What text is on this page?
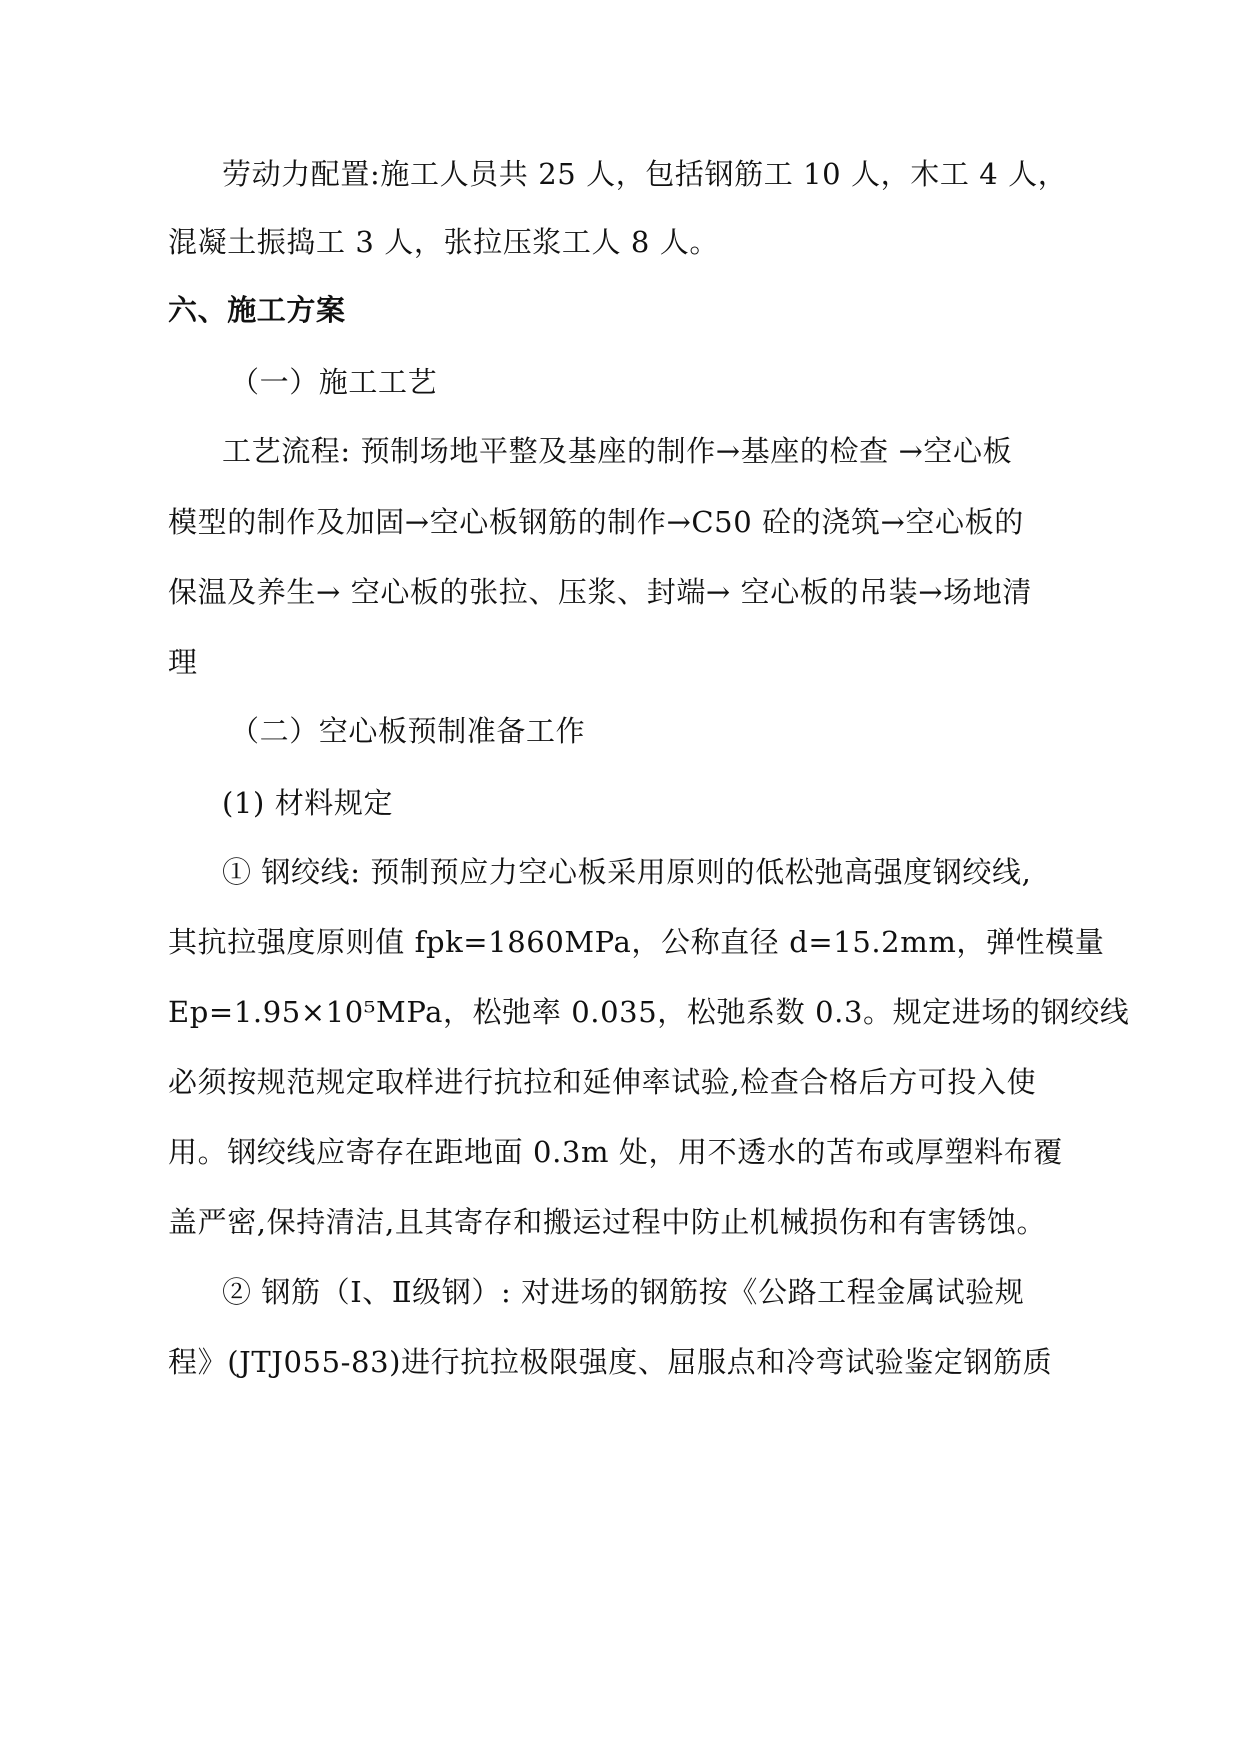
劳动力配置:施工人员共 25 人，包括钢筋工 10 人，木工 4 人，
混凝土振捣工 3 人，张拉压浆工人 8 人。
六、施工方案
（一）施工工艺
工艺流程: 预制场地平整及基座的制作→基座的检查 →空心板
模型的制作及加固→空心板钢筋的制作→C50 砼的浇筑→空心板的
保温及养生→ 空心板的张拉、压浆、封端→ 空心板的吊装→场地清
理
（二）空心板预制准备工作
(1) 材料规定
① 钢绞线: 预制预应力空心板采用原则的低松弛高强度钢绞线,
其抗拉强度原则值 fpk=1860MPa，公称直径 d=15.2mm，弹性模量
Ep=1.95×10⁵MPa，松弛率 0.035，松弛系数 0.3。规定进场的钢绞线
必须按规范规定取样进行抗拉和延伸率试验,检查合格后方可投入使
用。钢绞线应寄存在距地面 0.3m 处，用不透水的苫布或厚塑料布覆
盖严密,保持清洁,且其寄存和搬运过程中防止机械损伤和有害锈蚀。
② 钢筋（Ⅰ、Ⅱ级钢）: 对进场的钢筋按《公路工程金属试验规
程》(JTJ055-83)进行抗拉极限强度、屈服点和冷弯试验鉴定钢筋质
